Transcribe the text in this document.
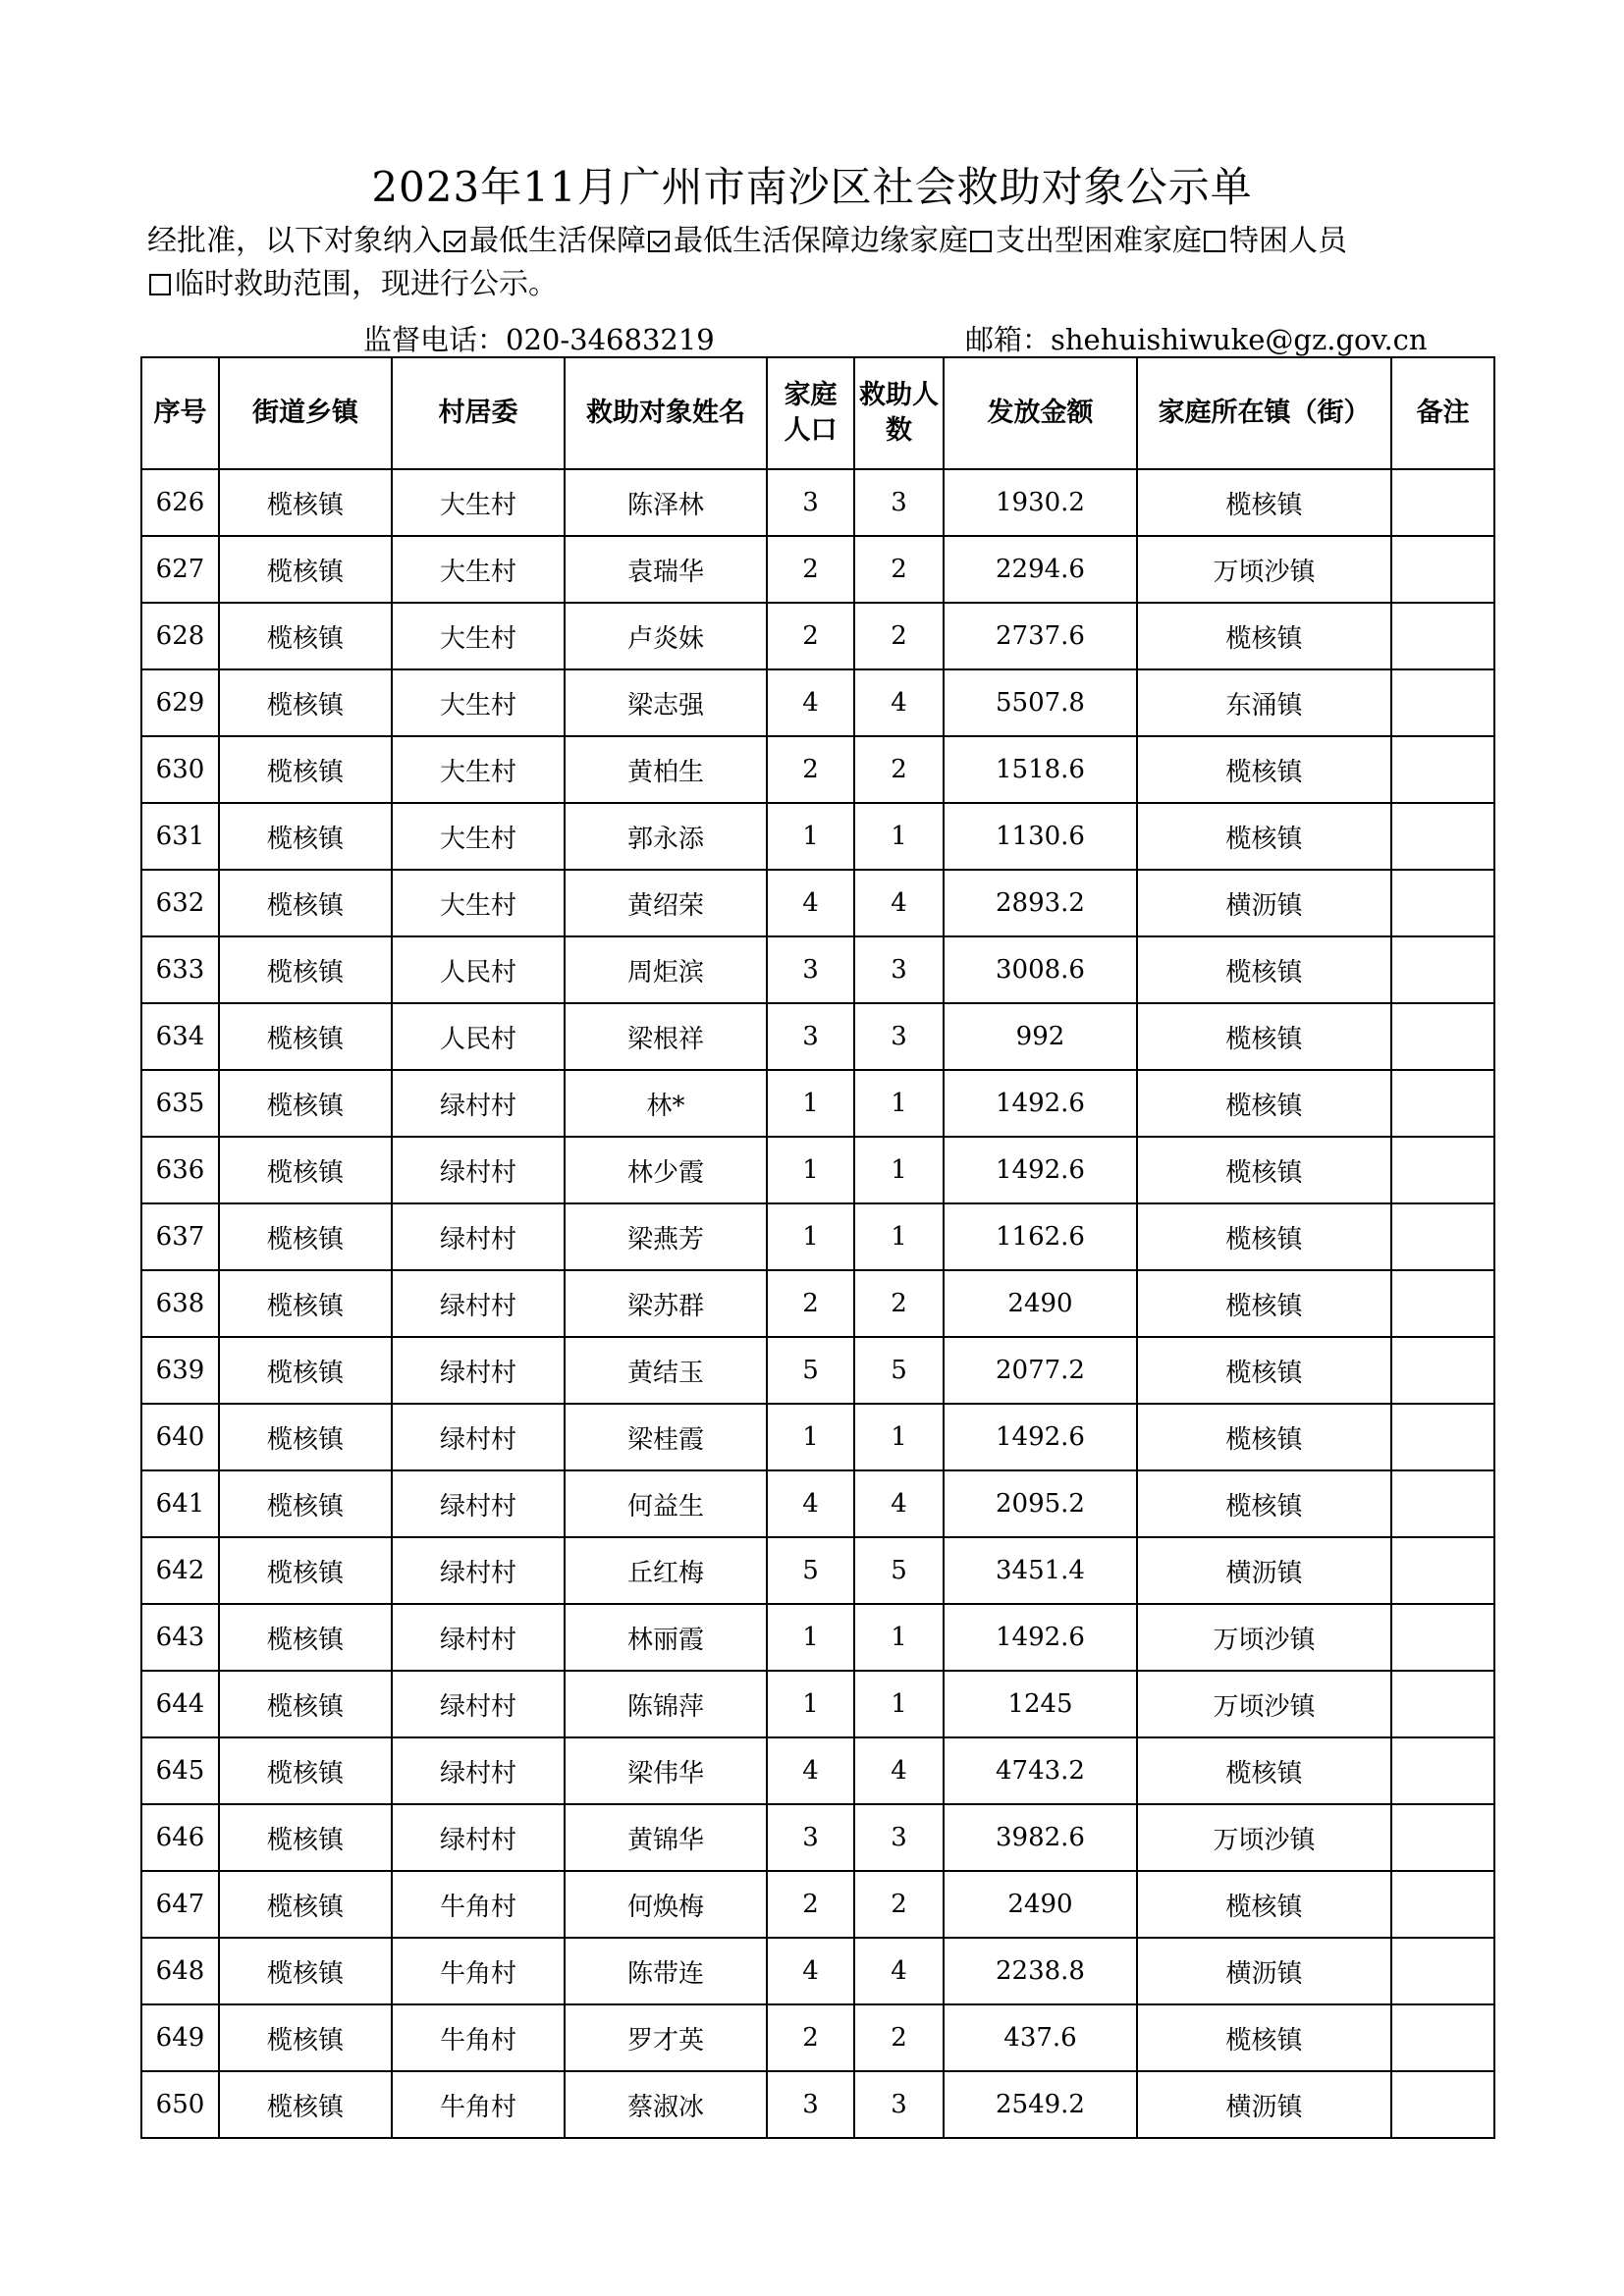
2023年11月广州市南沙区社会救助对象公示单
经批准，以下对象纳入 最低生活保障 最低生活保障边缘家庭 支出型困难家庭 特困人员
临时救助范围，现进行公示。
监督电话：020-34683219	邮箱：shehuishiwuke@gz.gov.cn
序号	街道乡镇	村居委	救助对象姓名	家庭人口	救助人数	发放金额	家庭所在镇（街）	备注
626	榄核镇	大生村	陈泽林	3	3	1930.2	榄核镇	
627	榄核镇	大生村	袁瑞华	2	2	2294.6	万顷沙镇	
628	榄核镇	大生村	卢炎妹	2	2	2737.6	榄核镇	
629	榄核镇	大生村	梁志强	4	4	5507.8	东涌镇	
630	榄核镇	大生村	黄柏生	2	2	1518.6	榄核镇	
631	榄核镇	大生村	郭永添	1	1	1130.6	榄核镇	
632	榄核镇	大生村	黄绍荣	4	4	2893.2	横沥镇	
633	榄核镇	人民村	周炬滨	3	3	3008.6	榄核镇	
634	榄核镇	人民村	梁根祥	3	3	992	榄核镇	
635	榄核镇	绿村村	林*	1	1	1492.6	榄核镇	
636	榄核镇	绿村村	林少霞	1	1	1492.6	榄核镇	
637	榄核镇	绿村村	梁燕芳	1	1	1162.6	榄核镇	
638	榄核镇	绿村村	梁苏群	2	2	2490	榄核镇	
639	榄核镇	绿村村	黄结玉	5	5	2077.2	榄核镇	
640	榄核镇	绿村村	梁桂霞	1	1	1492.6	榄核镇	
641	榄核镇	绿村村	何益生	4	4	2095.2	榄核镇	
642	榄核镇	绿村村	丘红梅	5	5	3451.4	横沥镇	
643	榄核镇	绿村村	林丽霞	1	1	1492.6	万顷沙镇	
644	榄核镇	绿村村	陈锦萍	1	1	1245	万顷沙镇	
645	榄核镇	绿村村	梁伟华	4	4	4743.2	榄核镇	
646	榄核镇	绿村村	黄锦华	3	3	3982.6	万顷沙镇	
647	榄核镇	牛角村	何焕梅	2	2	2490	榄核镇	
648	榄核镇	牛角村	陈带连	4	4	2238.8	横沥镇	
649	榄核镇	牛角村	罗才英	2	2	437.6	榄核镇	
650	榄核镇	牛角村	蔡淑冰	3	3	2549.2	横沥镇	
